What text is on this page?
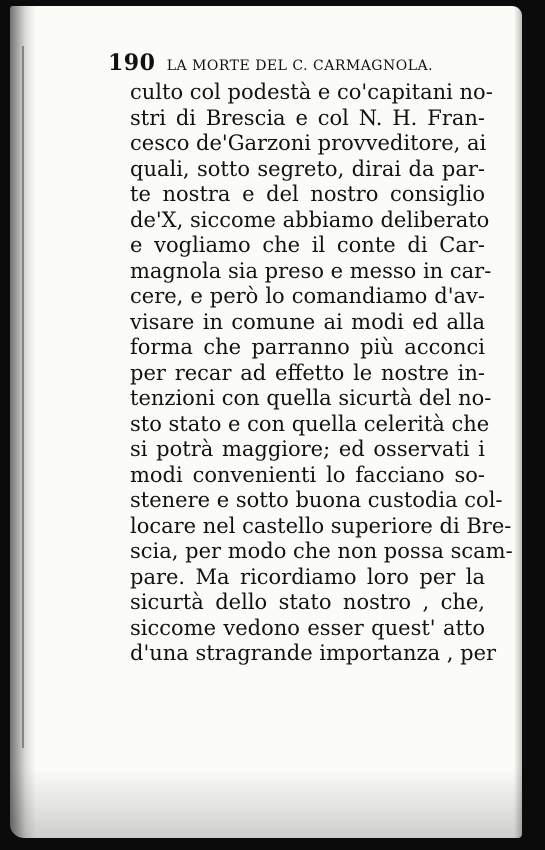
190 LA MORTE DEL C. CARMAGNOLA.
culto col podestà e co'capitani no-
stri di Brescia e col N. H. Fran-
cesco de'Garzoni provveditore, ai
quali, sotto segreto, dirai da par-
te nostra e del nostro consiglio
de'X, siccome abbiamo deliberato
e vogliamo che il conte di Car-
magnola sia preso e messo in car-
cere, e però lo comandiamo d'av-
visare in comune ai modi ed alla
forma che parranno più acconci
per recar ad effetto le nostre in-
tenzioni con quella sicurtà del no-
sto stato e con quella celerità che
si potrà maggiore; ed osservati i
modi convenienti lo facciano so-
stenere e sotto buona custodia col-
locare nel castello superiore di Bre-
scia, per modo che non possa scam-
pare. Ma ricordiamo loro per la
sicurtà dello stato nostro , che,
siccome vedono esser quest' atto
d'una stragrande importanza , per
